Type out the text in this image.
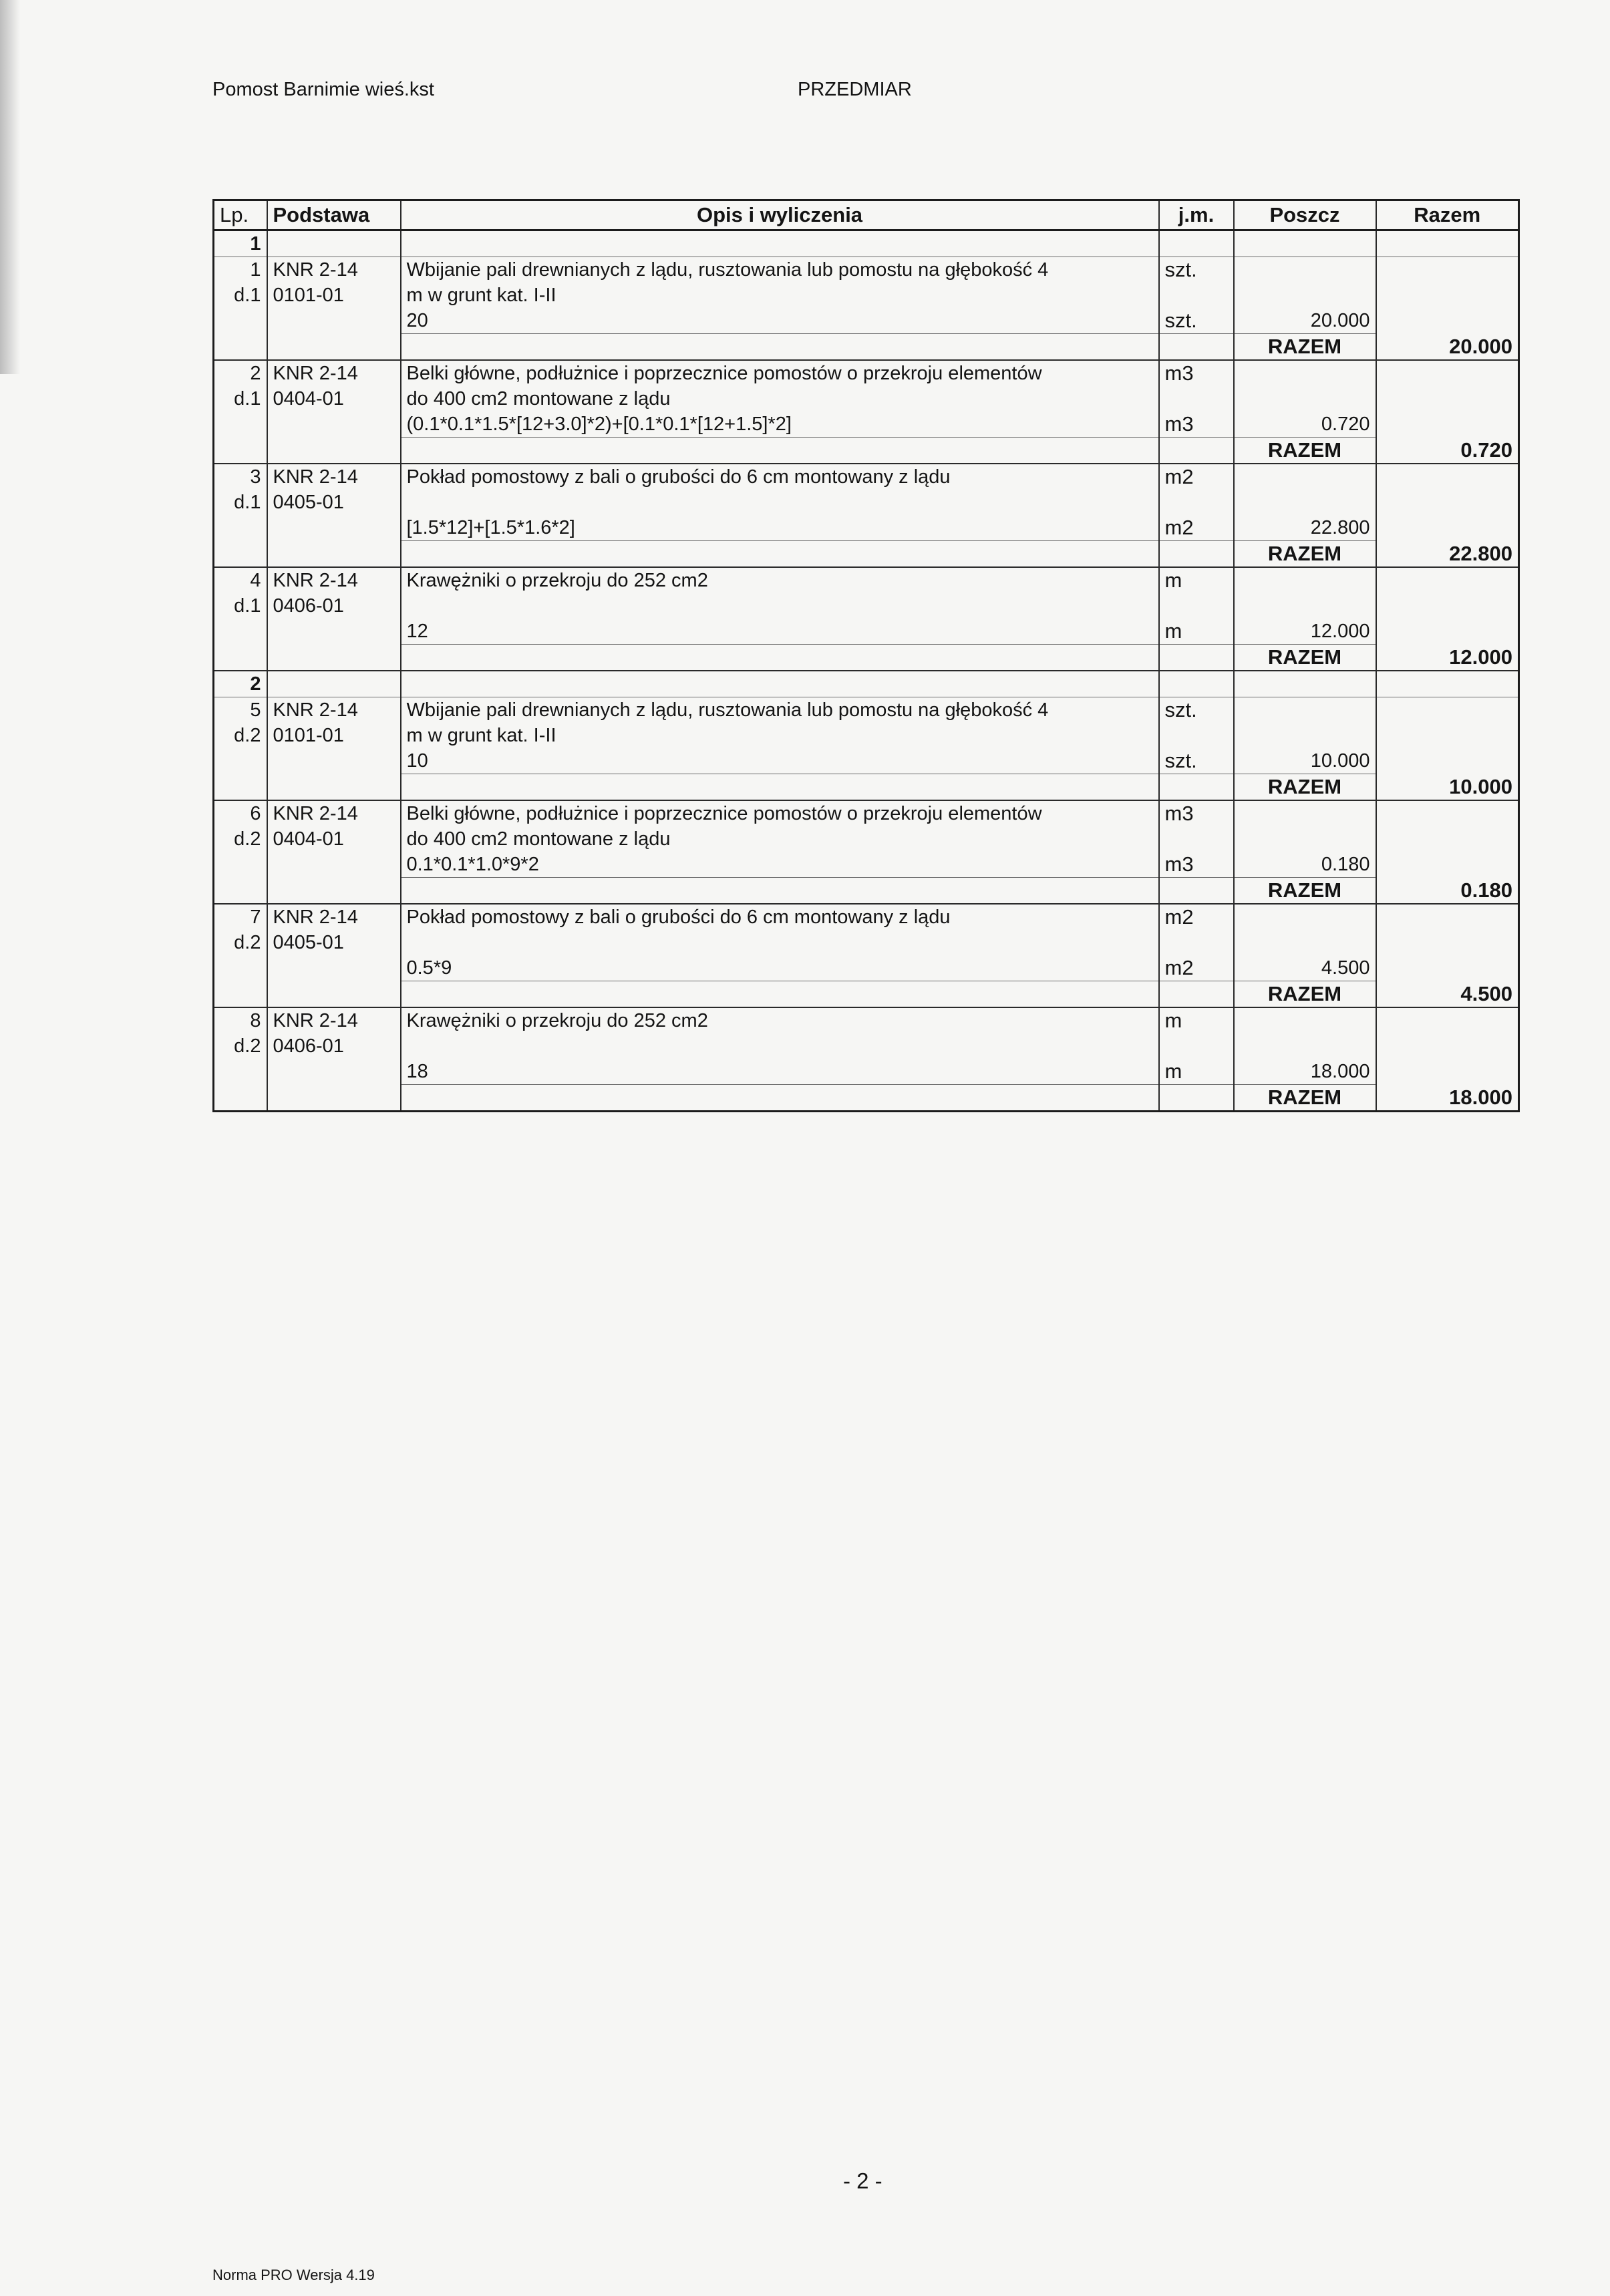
Pomost Barnimie wieś.kst	PRZEDMIAR
Lp.	Podstawa	Opis i wyliczenia	j.m.	Poszcz	Razem
1					
1	KNR 2-14	Wbijanie pali drewnianych z lądu, rusztowania lub pomostu na głębokość 4	szt.		
d.1	0101-01	m w grunt kat. I-II			
		20	szt.	20.000	
				RAZEM	20.000
2	KNR 2-14	Belki główne, podłużnice i poprzecznice pomostów o przekroju elementów	m3		
d.1	0404-01	do 400 cm2 montowane z lądu			
		(0.1*0.1*1.5*[12+3.0]*2)+[0.1*0.1*[12+1.5]*2]	m3	0.720	
				RAZEM	0.720
3	KNR 2-14	Pokład pomostowy z bali o grubości do 6 cm montowany z lądu	m2		
d.1	0405-01				
		[1.5*12]+[1.5*1.6*2]	m2	22.800	
				RAZEM	22.800
4	KNR 2-14	Krawężniki o przekroju do 252 cm2	m		
d.1	0406-01				
		12	m	12.000	
				RAZEM	12.000
2					
5	KNR 2-14	Wbijanie pali drewnianych z lądu, rusztowania lub pomostu na głębokość 4	szt.		
d.2	0101-01	m w grunt kat. I-II			
		10	szt.	10.000	
				RAZEM	10.000
6	KNR 2-14	Belki główne, podłużnice i poprzecznice pomostów o przekroju elementów	m3		
d.2	0404-01	do 400 cm2 montowane z lądu			
		0.1*0.1*1.0*9*2	m3	0.180	
				RAZEM	0.180
7	KNR 2-14	Pokład pomostowy z bali o grubości do 6 cm montowany z lądu	m2		
d.2	0405-01				
		0.5*9	m2	4.500	
				RAZEM	4.500
8	KNR 2-14	Krawężniki o przekroju do 252 cm2	m		
d.2	0406-01				
		18	m	18.000	
				RAZEM	18.000
- 2 -
Norma PRO Wersja 4.19
